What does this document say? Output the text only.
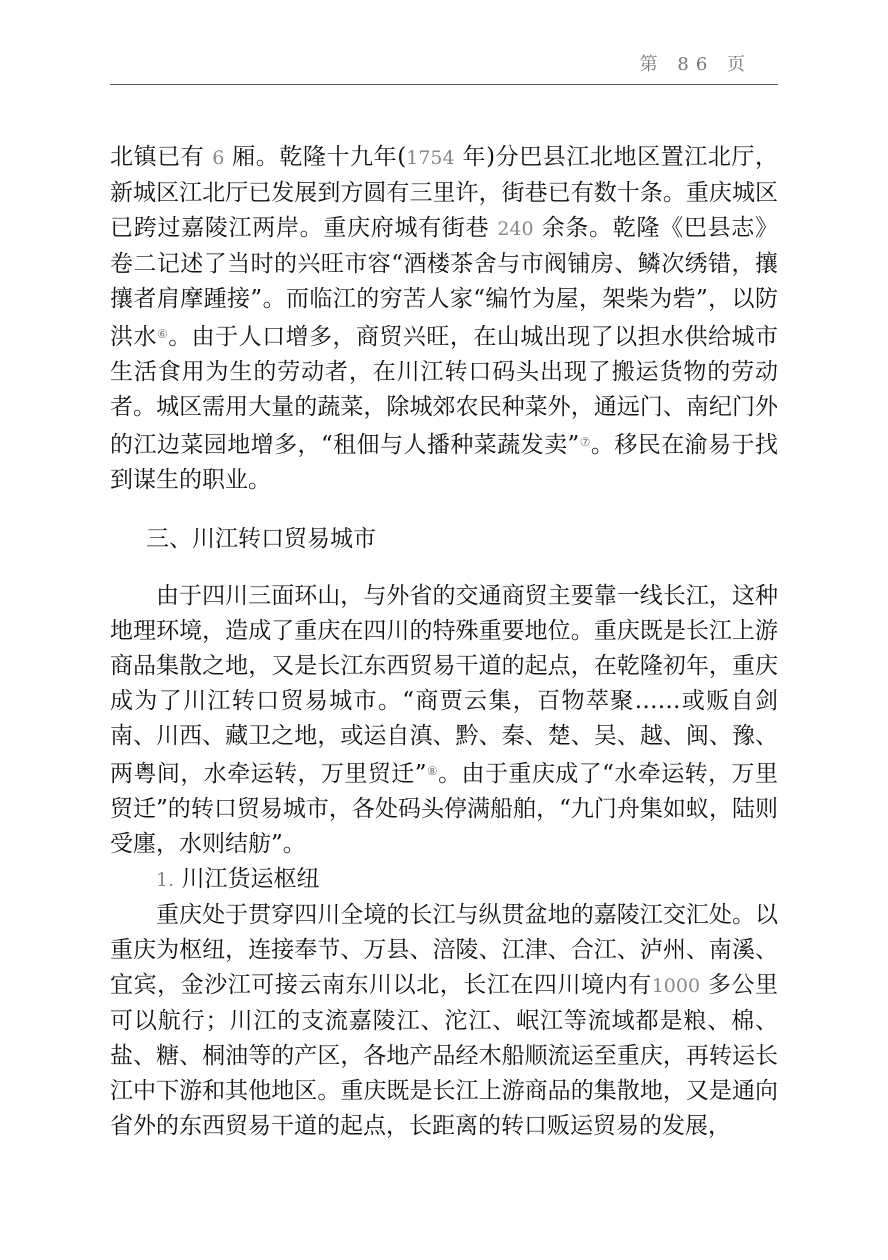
第 86 页

北镇已有 6 厢。乾隆十九年(1754 年)分巴县江北地区置江北厅，新城区江北厅已发展到方圆有三里许，街巷已有数十条。重庆城区已跨过嘉陵江两岸。重庆府城有街巷 240 余条。乾隆《巴县志》卷二记述了当时的兴旺市容“酒楼茶舍与市阀铺房、鳞次绣错，攘攘者肩摩踵接”。而临江的穷苦人家“编竹为屋，架柴为砦”，以防洪水⑥。由于人口增多，商贸兴旺，在山城出现了以担水供给城市生活食用为生的劳动者，在川江转口码头出现了搬运货物的劳动者。城区需用大量的蔬菜，除城郊农民种菜外，通远门、南纪门外的江边菜园地增多，“租佃与人播种菜蔬发卖”⑦。移民在渝易于找到谋生的职业。

三、川江转口贸易城市

由于四川三面环山，与外省的交通商贸主要靠一线长江，这种地理环境，造成了重庆在四川的特殊重要地位。重庆既是长江上游商品集散之地，又是长江东西贸易干道的起点，在乾隆初年，重庆成为了川江转口贸易城市。“商贾云集，百物萃聚……或贩自剑南、川西、藏卫之地，或运自滇、黔、秦、楚、吴、越、闽、豫、两粤间，水牵运转，万里贸迁”⑧。由于重庆成了“水牵运转，万里贸迁”的转口贸易城市，各处码头停满船舶，“九门舟集如蚁，陆则受廛，水则结舫”。

1. 川江货运枢纽

重庆处于贯穿四川全境的长江与纵贯盆地的嘉陵江交汇处。以重庆为枢纽，连接奉节、万县、涪陵、江津、合江、泸州、南溪、宜宾，金沙江可接云南东川以北，长江在四川境内有1000 多公里可以航行；川江的支流嘉陵江、沱江、岷江等流域都是粮、棉、盐、糖、桐油等的产区，各地产品经木船顺流运至重庆，再转运长江中下游和其他地区。重庆既是长江上游商品的集散地，又是通向省外的东西贸易干道的起点，长距离的转口贩运贸易的发展，
